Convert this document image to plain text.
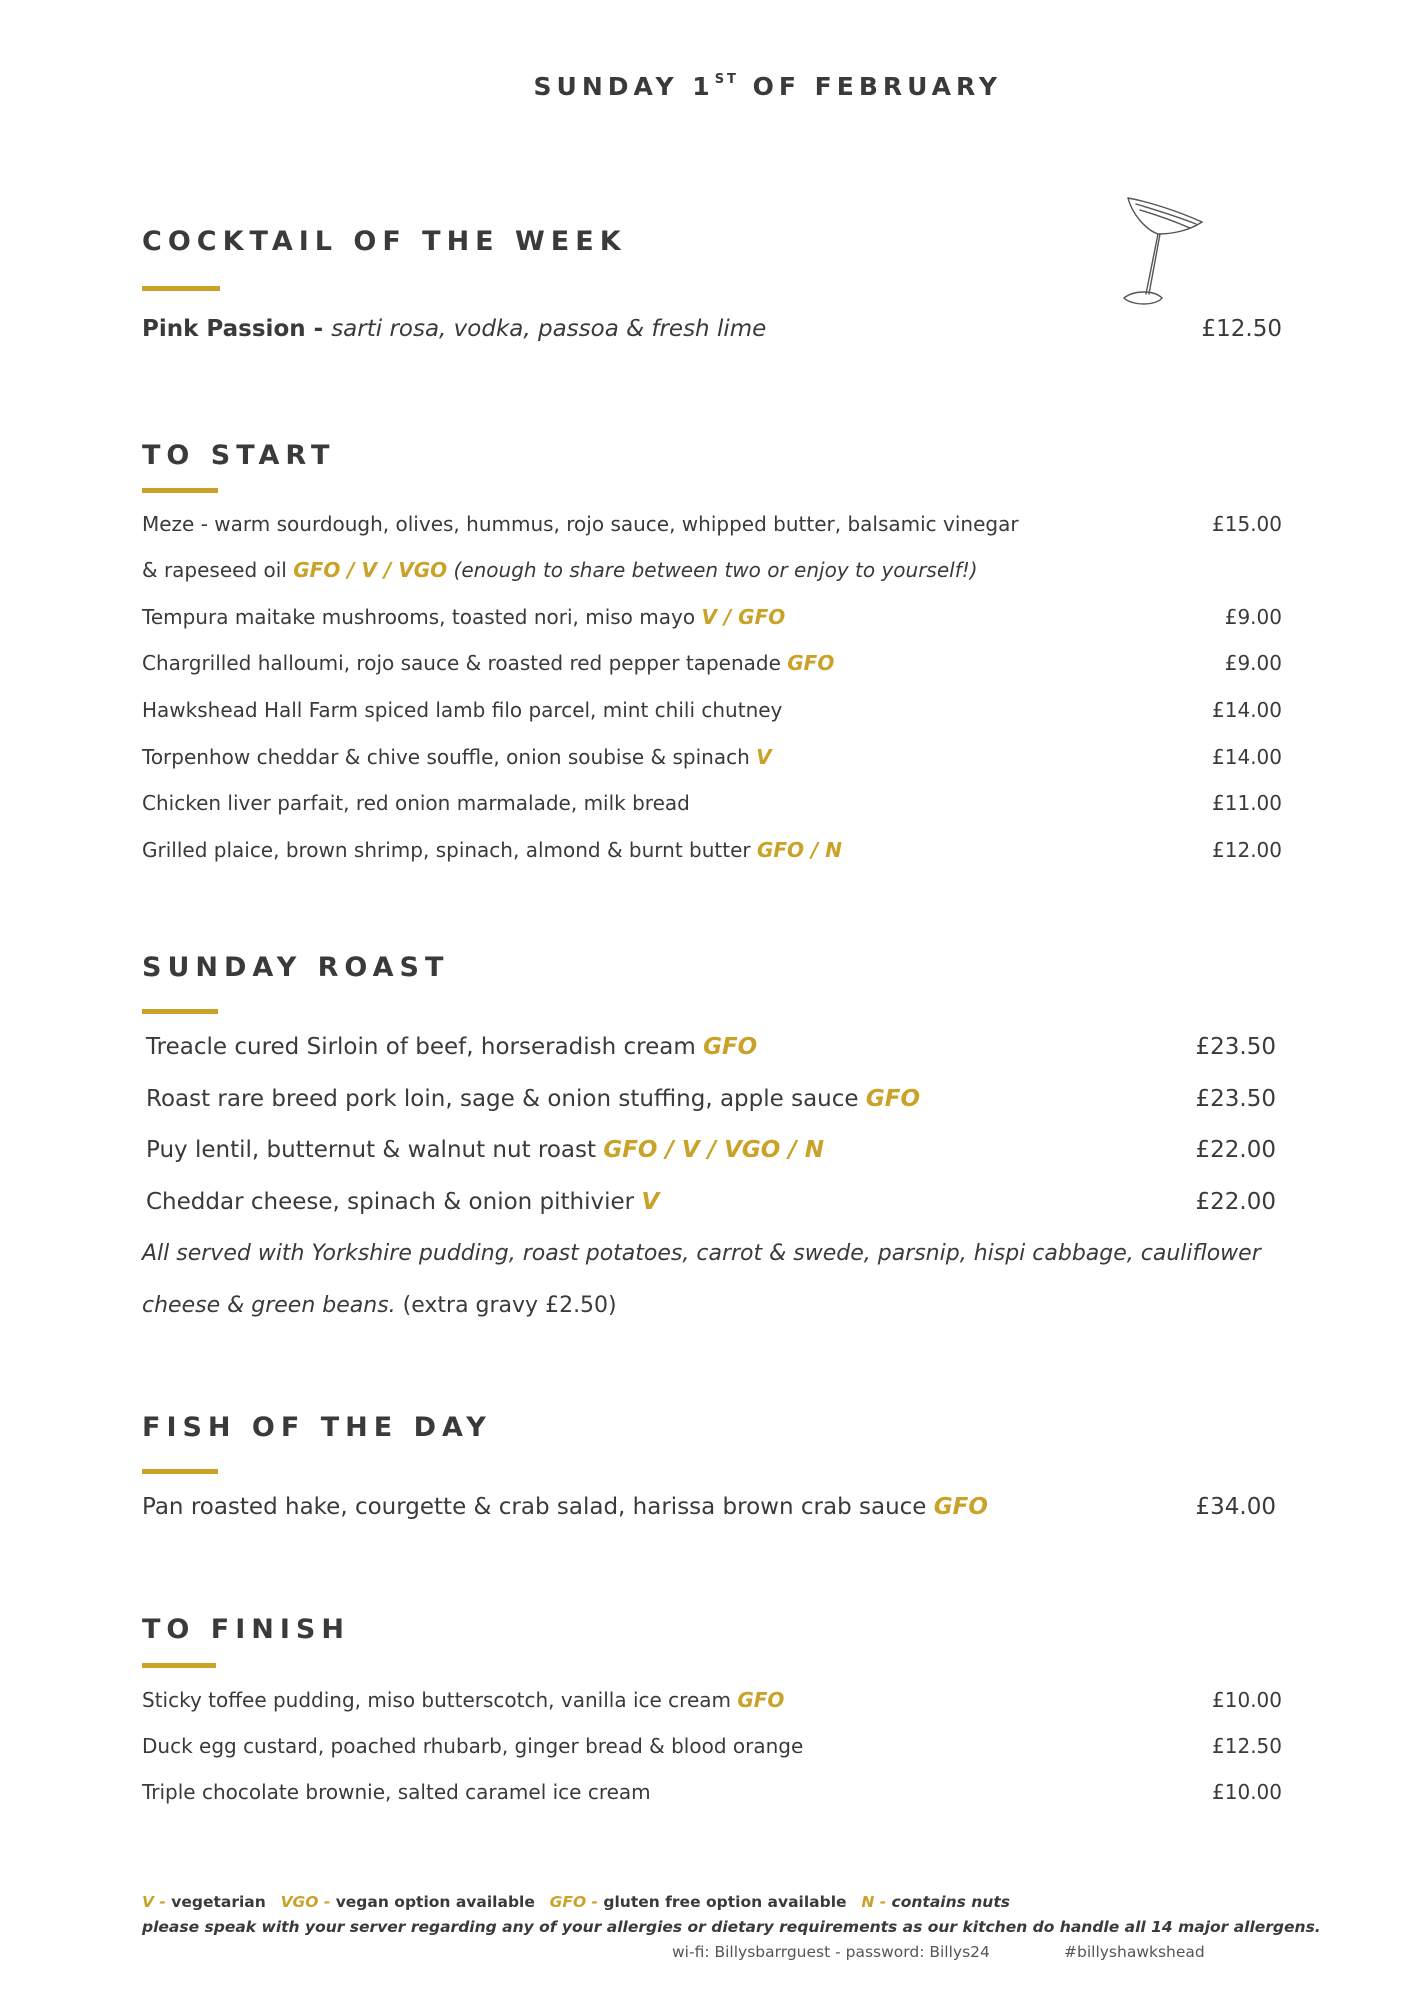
SUNDAY 1ST OF FEBRUARY
COCKTAIL OF THE WEEK
Pink Passion - sarti rosa, vodka, passoa & fresh lime	£12.50
TO START
Meze - warm sourdough, olives, hummus, rojo sauce, whipped butter, balsamic vinegar	£15.00
& rapeseed oil GFO / V / VGO (enough to share between two or enjoy to yourself!)
Tempura maitake mushrooms, toasted nori, miso mayo V / GFO	£9.00
Chargrilled halloumi, rojo sauce & roasted red pepper tapenade GFO	£9.00
Hawkshead Hall Farm spiced lamb filo parcel, mint chili chutney	£14.00
Torpenhow cheddar & chive souffle, onion soubise & spinach V	£14.00
Chicken liver parfait, red onion marmalade, milk bread	£11.00
Grilled plaice, brown shrimp, spinach, almond & burnt butter GFO / N	£12.00
SUNDAY ROAST
Treacle cured Sirloin of beef, horseradish cream GFO	£23.50
Roast rare breed pork loin, sage & onion stuffing, apple sauce GFO	£23.50
Puy lentil, butternut & walnut nut roast GFO / V / VGO / N	£22.00
Cheddar cheese, spinach & onion pithivier V	£22.00
All served with Yorkshire pudding, roast potatoes, carrot & swede, parsnip, hispi cabbage, cauliflower
cheese & green beans. (extra gravy £2.50)
FISH OF THE DAY
Pan roasted hake, courgette & crab salad, harissa brown crab sauce GFO	£34.00
TO FINISH
Sticky toffee pudding, miso butterscotch, vanilla ice cream GFO	£10.00
Duck egg custard, poached rhubarb, ginger bread & blood orange	£12.50
Triple chocolate brownie, salted caramel ice cream	£10.00
V - vegetarian VGO - vegan option available GFO - gluten free option available N - contains nuts
please speak with your server regarding any of your allergies or dietary requirements as our kitchen do handle all 14 major allergens.
wi-fi: Billysbarrguest - password: Billys24	#billyshawkshead
